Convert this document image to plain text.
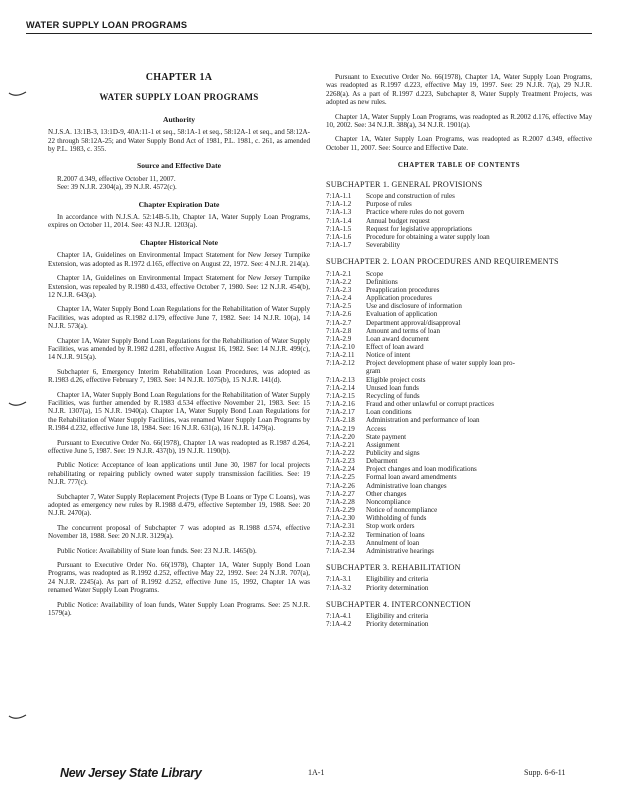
WATER SUPPLY LOAN PROGRAMS
CHAPTER 1A
WATER SUPPLY LOAN PROGRAMS
Authority

N.J.S.A. 13:1B-3, 13:1D-9, 40A:11-1 et seq., 58:1A-1 et seq., 58:12A-1 et seq., and 58:12A-22 through 58:12A-25; and Water Supply Bond Act of 1981, P.L. 1981, c. 261, as amended by P.L. 1983, c. 355.

Source and Effective Date

R.2007 d.349, effective October 11, 2007.

See: 39 N.J.R. 2304(a), 39 N.J.R. 4572(c).

Chapter Expiration Date

In accordance with N.J.S.A. 52:14B-5.1b, Chapter 1A, Water Supply Loan Programs, expires on October 11, 2014. See: 43 N.J.R. 1203(a).

Chapter Historical Note

Chapter 1A, Guidelines on Environmental Impact Statement for New Jersey Turnpike Extension, was adopted as R.1972 d.165, effective on August 22, 1972. See: 4 N.J.R. 214(a).

Chapter 1A, Guidelines on Environmental Impact Statement for New Jersey Turnpike Extension, was repealed by R.1980 d.433, effective October 7, 1980. See: 12 N.J.R. 454(b), 12 N.J.R. 643(a).

Chapter 1A, Water Supply Bond Loan Regulations for the Rehabilitation of Water Supply Facilities, was adopted as R.1982 d.179, effective June 7, 1982. See: 14 N.J.R. 10(a), 14 N.J.R. 573(a).

Chapter 1A, Water Supply Bond Loan Regulations for the Rehabilitation of Water Supply Facilities, was amended by R.1982 d.281, effective August 16, 1982. See: 14 N.J.R. 499(c), 14 N.J.R. 915(a).

Subchapter 6, Emergency Interim Rehabilitation Loan Procedures, was adopted as R.1983 d.26, effective February 7, 1983. See: 14 N.J.R. 1075(b), 15 N.J.R. 141(d).

Chapter 1A, Water Supply Bond Loan Regulations for the Rehabilitation of Water Supply Facilities, was further amended by R.1983 d.534 effective November 21, 1983. See: 15 N.J.R. 1307(a), 15 N.J.R. 1940(a). Chapter 1A, Water Supply Bond Loan Regulations for the Rehabilitation of Water Supply Facilities, was renamed Water Supply Loan Programs by R.1984 d.232, effective June 18, 1984. See: 16 N.J.R. 631(a), 16 N.J.R. 1479(a).

Pursuant to Executive Order No. 66(1978), Chapter 1A was readopted as R.1987 d.264, effective June 5, 1987. See: 19 N.J.R. 437(b), 19 N.J.R. 1190(b).

Public Notice: Acceptance of loan applications until June 30, 1987 for local projects rehabilitating or repairing publicly owned water supply transmission facilities. See: 19 N.J.R. 777(c).

Subchapter 7, Water Supply Replacement Projects (Type B Loans or Type C Loans), was adopted as emergency new rules by R.1988 d.479, effective September 19, 1988. See: 20 N.J.R. 2470(a).

The concurrent proposal of Subchapter 7 was adopted as R.1988 d.574, effective November 18, 1988. See: 20 N.J.R. 3129(a).

Public Notice: Availability of State loan funds. See: 23 N.J.R. 1465(b).

Pursuant to Executive Order No. 66(1978), Chapter 1A, Water Supply Bond Loan Programs, was readopted as R.1992 d.252, effective May 22, 1992. See: 24 N.J.R. 707(a), 24 N.J.R. 2245(a). As part of R.1992 d.252, effective June 15, 1992, Chapter 1A was renamed Water Supply Loan Programs.

Public Notice: Availability of loan funds, Water Supply Loan Programs. See: 25 N.J.R. 1579(a).

Pursuant to Executive Order No. 66(1978), Chapter 1A, Water Supply Loan Programs, was readopted as R.1997 d.223, effective May 19, 1997. See: 29 N.J.R. 7(a), 29 N.J.R. 2268(a). As a part of R.1997 d.223, Subchapter 8, Water Supply Treatment Projects, was adopted as new rules.

Chapter 1A, Water Supply Loan Programs, was readopted as R.2002 d.176, effective May 10, 2002. See: 34 N.J.R. 388(a), 34 N.J.R. 1901(a).

Chapter 1A, Water Supply Loan Programs, was readopted as R.2007 d.349, effective October 11, 2007. See: Source and Effective Date.

CHAPTER TABLE OF CONTENTS
SUBCHAPTER 1. GENERAL PROVISIONS
7:1A-1.1	Scope and construction of rules
7:1A-1.2	Purpose of rules
7:1A-1.3	Practice where rules do not govern
7:1A-1.4	Annual budget request
7:1A-1.5	Request for legislative appropriations
7:1A-1.6	Procedure for obtaining a water supply loan
7:1A-1.7	Severability
SUBCHAPTER 2. LOAN PROCEDURES AND REQUIREMENTS
7:1A-2.1	Scope
7:1A-2.2	Definitions
7:1A-2.3	Preapplication procedures
7:1A-2.4	Application procedures
7:1A-2.5	Use and disclosure of information
7:1A-2.6	Evaluation of application
7:1A-2.7	Department approval/disapproval
7:1A-2.8	Amount and terms of loan
7:1A-2.9	Loan award document
7:1A-2.10	Effect of loan award
7:1A-2.11	Notice of intent
7:1A-2.12	Project development phase of water supply loan pro-
gram
7:1A-2.13	Eligible project costs
7:1A-2.14	Unused loan funds
7:1A-2.15	Recycling of funds
7:1A-2.16	Fraud and other unlawful or corrupt practices
7:1A-2.17	Loan conditions
7:1A-2.18	Administration and performance of loan
7:1A-2.19	Access
7:1A-2.20	State payment
7:1A-2.21	Assignment
7:1A-2.22	Publicity and signs
7:1A-2.23	Debarment
7:1A-2.24	Project changes and loan modifications
7:1A-2.25	Formal loan award amendments
7:1A-2.26	Administrative loan changes
7:1A-2.27	Other changes
7:1A-2.28	Noncompliance
7:1A-2.29	Notice of noncompliance
7:1A-2.30	Withholding of funds
7:1A-2.31	Stop work orders
7:1A-2.32	Termination of loans
7:1A-2.33	Annulment of loan
7:1A-2.34	Administrative hearings
SUBCHAPTER 3. REHABILITATION
7:1A-3.1	Eligibility and criteria
7:1A-3.2	Priority determination
SUBCHAPTER 4. INTERCONNECTION
7:1A-4.1	Eligibility and criteria
7:1A-4.2	Priority determination
New Jersey State Library	1A-1	Supp. 6-6-11
